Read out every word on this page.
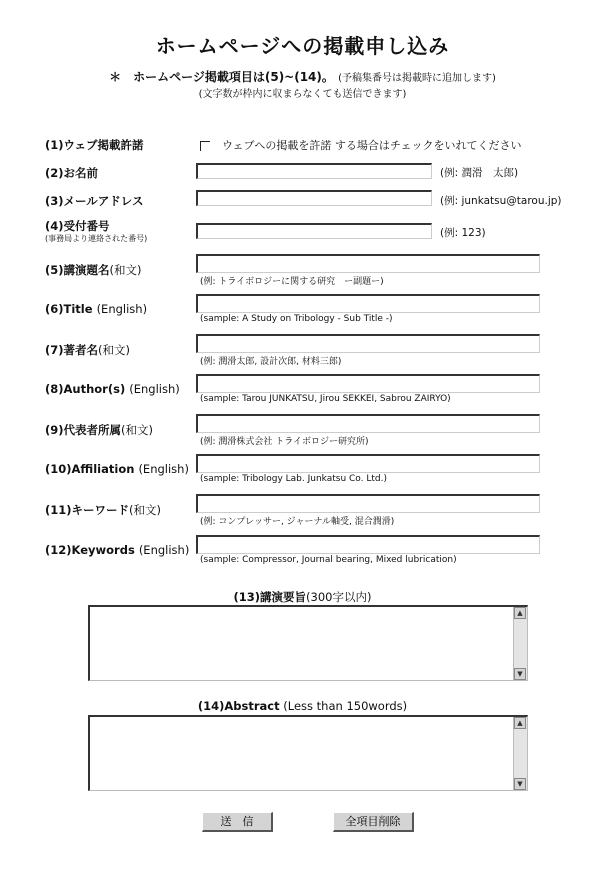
ホームページへの掲載申し込み
＊　ホームページ掲載項目は(5)~(14)。 (予稿集番号は掲載時に追加します)
(文字数が枠内に収まらなくても送信できます)
(1)ウェブ掲載許諾	ウェブへの掲載を許諾 する場合はチェックをいれてください
(2)お名前	(例: 潤滑　太郎)
(3)メールアドレス	(例: junkatsu@tarou.jp)
(4)受付番号
(事務局より連絡された番号)	(例: 123)
(5)講演題名(和文)
(例: トライボロジーに関する研究　ー副題ー)
(6)Title (English)
(sample: A Study on Tribology - Sub Title -)
(7)著者名(和文)
(例: 潤滑太郎, 設計次郎, 材料三郎)
(8)Author(s) (English)
(sample: Tarou JUNKATSU, Jirou SEKKEI, Sabrou ZAIRYO)
(9)代表者所属(和文)
(例: 潤滑株式会社 トライボロジー研究所)
(10)Affiliation (English)
(sample: Tribology Lab. Junkatsu Co. Ltd.)
(11)キーワード(和文)
(例: コンプレッサー, ジャーナル軸受, 混合潤滑)
(12)Keywords (English)
(sample: Compressor, Journal bearing, Mixed lubrication)
(13)講演要旨(300字以内)
▲
▼
(14)Abstract (Less than 150words)
▲
▼
送　信	全項目削除
